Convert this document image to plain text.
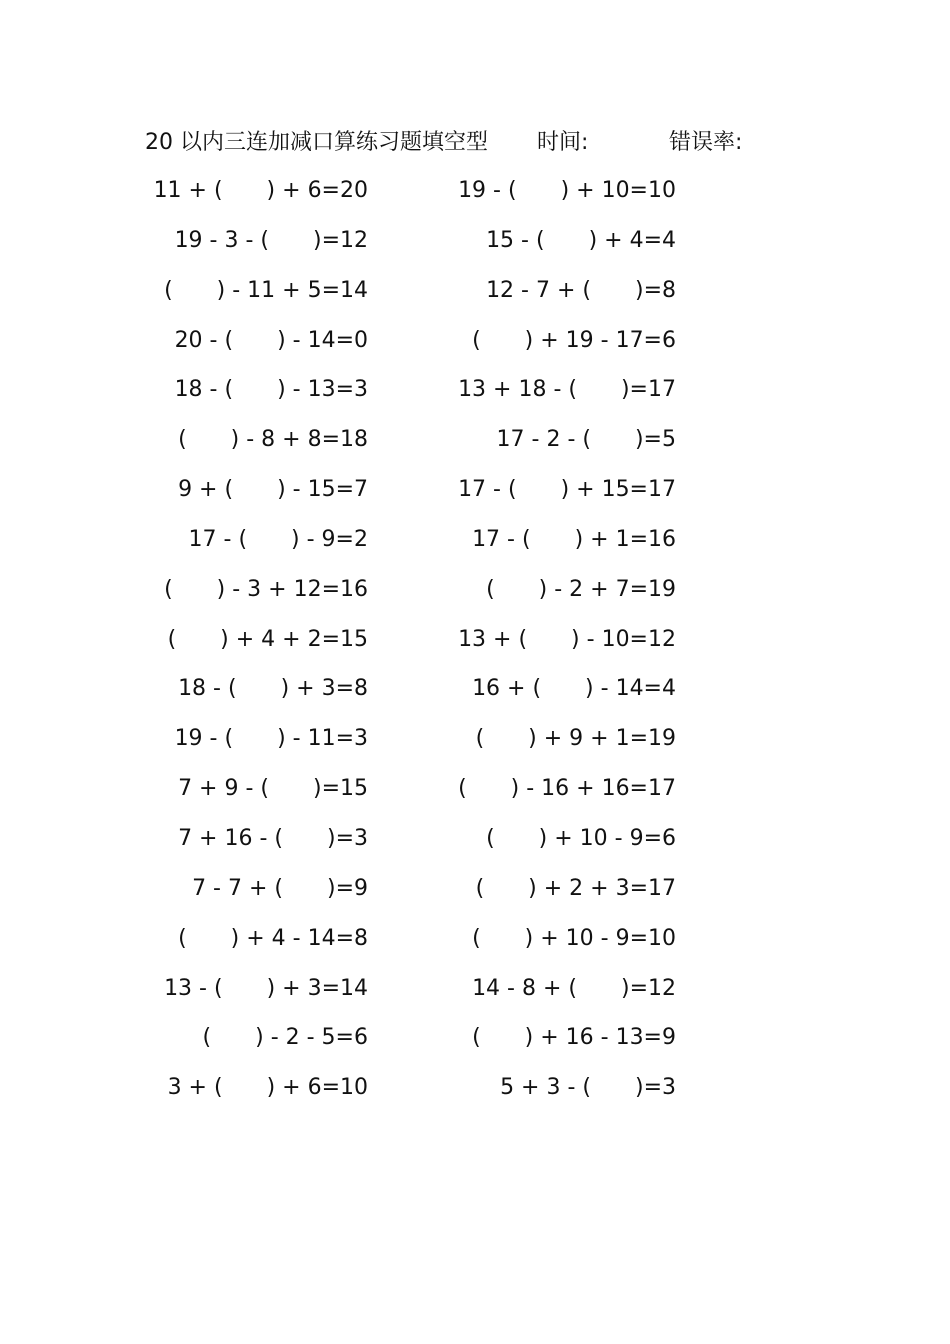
20 以内三连加减口算练习题填空型 时间:	错误率:
11 + (　　) + 6=20
19 - 3 - (　　)=12
(　　) - 11 + 5=14
20 - (　　) - 14=0
18 - (　　) - 13=3
(　　) - 8 + 8=18
9 + (　　) - 15=7
17 - (　　) - 9=2
(　　) - 3 + 12=16
(　　) + 4 + 2=15
18 - (　　) + 3=8
19 - (　　) - 11=3
7 + 9 - (　　)=15
7 + 16 - (　　)=3
7 - 7 + (　　)=9
(　　) + 4 - 14=8
13 - (　　) + 3=14
(　　) - 2 - 5=6
3 + (　　) + 6=10
19 - (　　) + 10=10
15 - (　　) + 4=4
12 - 7 + (　　)=8
(　　) + 19 - 17=6
13 + 18 - (　　)=17
17 - 2 - (　　)=5
17 - (　　) + 15=17
17 - (　　) + 1=16
(　　) - 2 + 7=19
13 + (　　) - 10=12
16 + (　　) - 14=4
(　　) + 9 + 1=19
(　　) - 16 + 16=17
(　　) + 10 - 9=6
(　　) + 2 + 3=17
(　　) + 10 - 9=10
14 - 8 + (　　)=12
(　　) + 16 - 13=9
5 + 3 - (　　)=3
